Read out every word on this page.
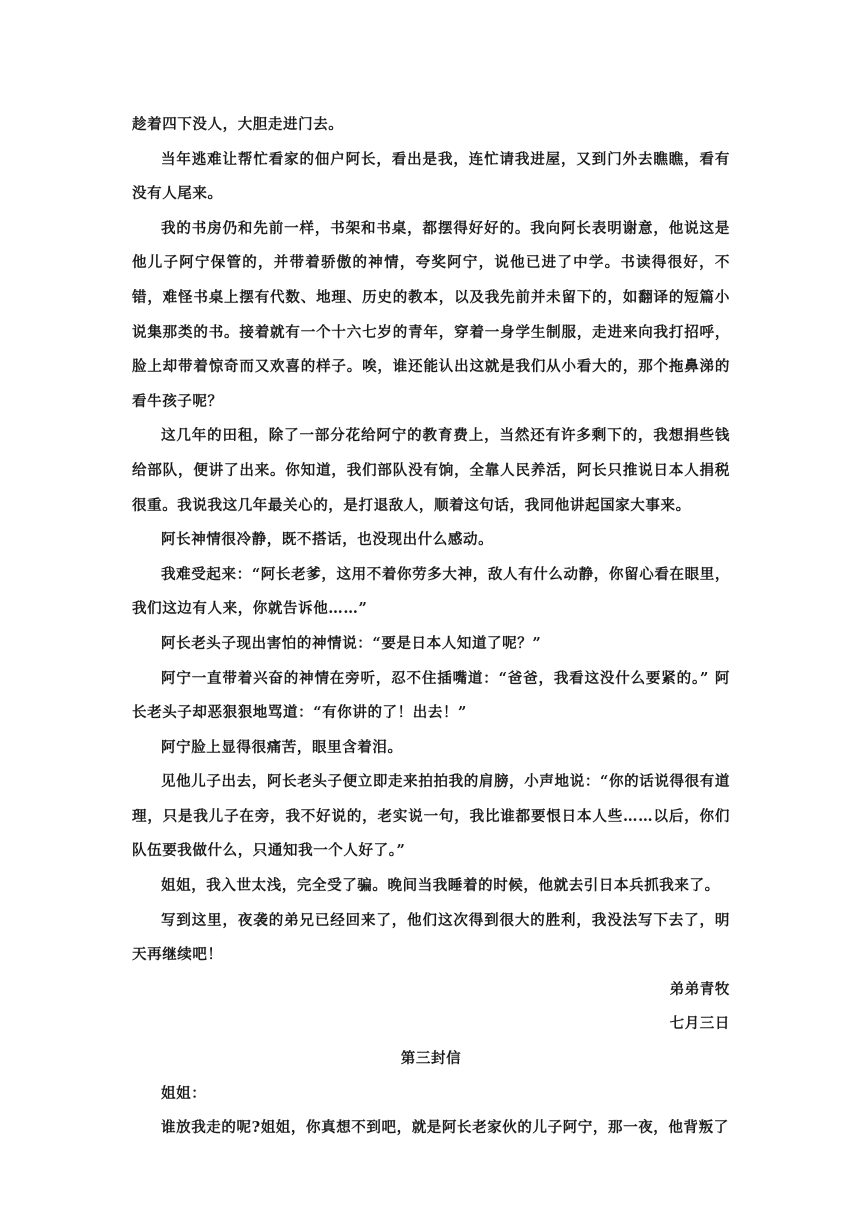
趁着四下没人，大胆走进门去。

当年逃难让帮忙看家的佃户阿长，看出是我，连忙请我进屋，又到门外去瞧瞧，看有没有人尾来。

我的书房仍和先前一样，书架和书桌，都摆得好好的。我向阿长表明谢意，他说这是他儿子阿宁保管的，并带着骄傲的神情，夸奖阿宁，说他已进了中学。书读得很好，不错，难怪书桌上摆有代数、地理、历史的教本，以及我先前并未留下的，如翻译的短篇小说集那类的书。接着就有一个十六七岁的青年，穿着一身学生制服，走进来向我打招呼，脸上却带着惊奇而又欢喜的样子。唉，谁还能认出这就是我们从小看大的，那个拖鼻涕的看牛孩子呢？

这几年的田租，除了一部分花给阿宁的教育费上，当然还有许多剩下的，我想捐些钱给部队，便讲了出来。你知道，我们部队没有饷，全靠人民养活，阿长只推说日本人捐税很重。我说我这几年最关心的，是打退敌人，顺着这句话，我同他讲起国家大事来。

阿长神情很冷静，既不搭话，也没现出什么感动。

我难受起来：“阿长老爹，这用不着你劳多大神，敌人有什么动静，你留心看在眼里，我们这边有人来，你就告诉他……”

阿长老头子现出害怕的神情说：“要是日本人知道了呢？”

阿宁一直带着兴奋的神情在旁听，忍不住插嘴道：“爸爸，我看这没什么要紧的。” 阿长老头子却恶狠狠地骂道：“有你讲的了！出去！”

阿宁脸上显得很痛苦，眼里含着泪。

见他儿子出去，阿长老头子便立即走来拍拍我的肩膀，小声地说：“你的话说得很有道理，只是我儿子在旁，我不好说的，老实说一句，我比谁都要恨日本人些……以后，你们队伍要我做什么，只通知我一个人好了。”

姐姐，我入世太浅，完全受了骗。晚间当我睡着的时候，他就去引日本兵抓我来了。

写到这里，夜袭的弟兄已经回来了，他们这次得到很大的胜利，我没法写下去了，明天再继续吧！

弟弟青牧

七月三日

第三封信

姐姐：

谁放我走的呢?姐姐，你真想不到吧，就是阿长老家伙的儿子阿宁，那一夜，他背叛了
